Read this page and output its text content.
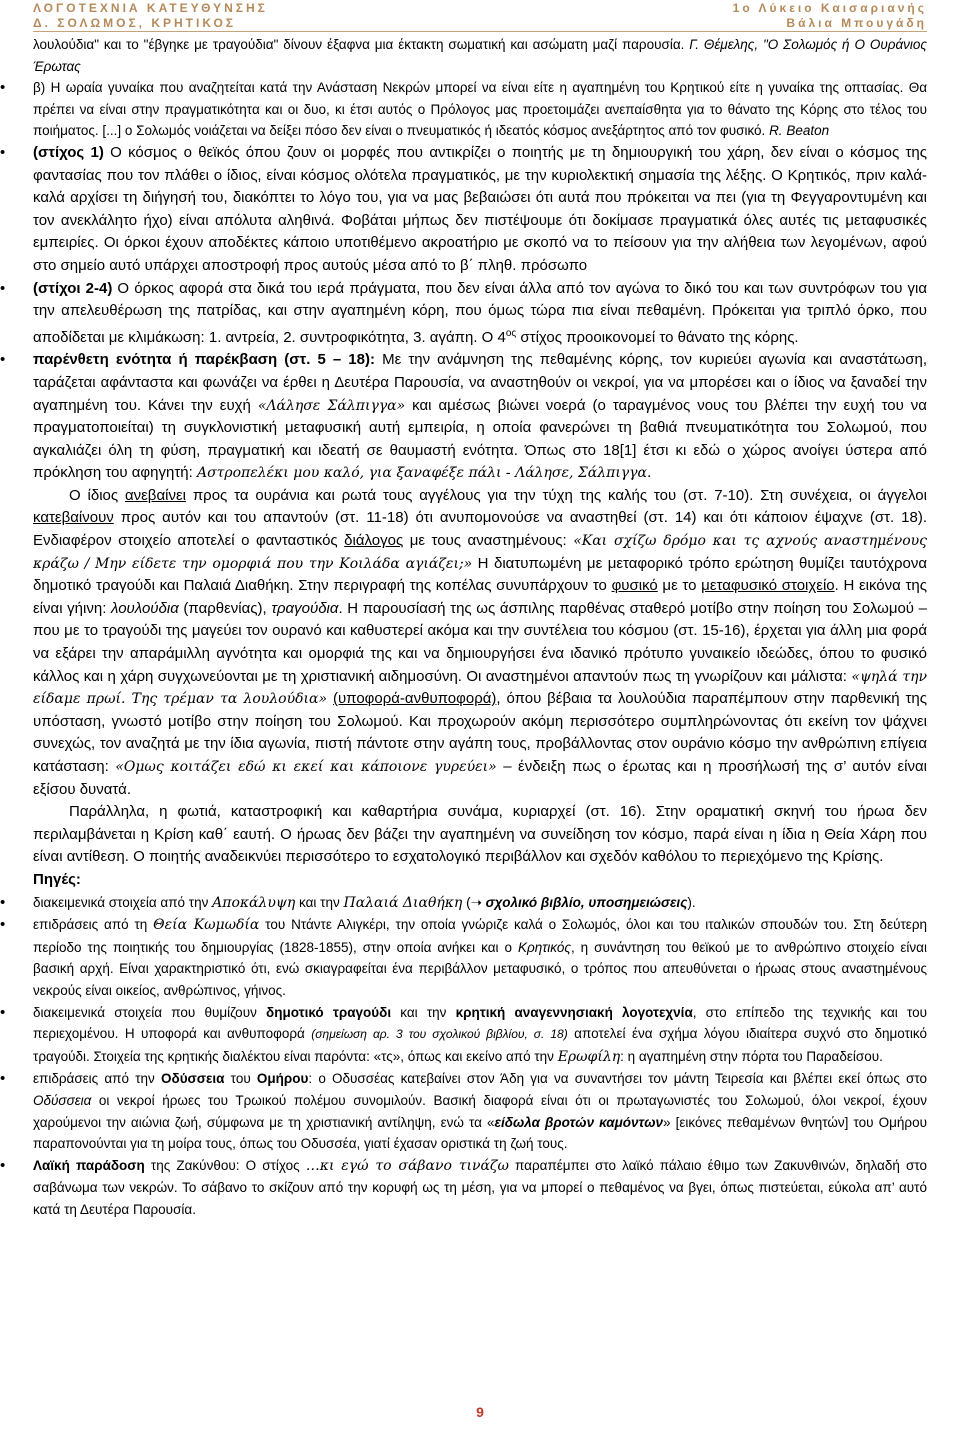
ΛΟΓΟΤΕΧΝΙΑ ΚΑΤΕΥΘΥΝΣΗΣ
Δ. ΣΟΛΩΜΟΣ, ΚΡΗΤΙΚΟΣ
1ο Λύκειο Καισαριανής
Βάλια Μπουγάδη

λουλούδια" και το "έβγηκε με τραγούδια" δίνουν έξαφνα μια έκτακτη σωματική και ασώματη μαζί παρουσία. Γ. Θέμελης, "Ο Σολωμός ή Ο Ουράνιος Έρωτας

• β) Η ωραία γυναίκα που αναζητείται κατά την Ανάσταση Νεκρών μπορεί να είναι είτε η αγαπημένη του Κρητικού είτε η γυναίκα της οπτασίας. Θα πρέπει να είναι στην πραγματικότητα και οι δυο, κι έτσι αυτός ο Πρόλογος μας προετοιμάζει ανεπαίσθητα για το θάνατο της Κόρης στο τέλος του ποιήματος. [...] ο Σολωμός νοιάζεται να δείξει πόσο δεν είναι ο πνευματικός ή ιδεατός κόσμος ανεξάρτητος από τον φυσικό. R. Beaton

• (στίχος 1) Ο κόσμος ο θεϊκός όπου ζουν οι μορφές που αντικρίζει ο ποιητής με τη δημιουργική του χάρη, δεν είναι ο κόσμος της φαντασίας που τον πλάθει ο ίδιος, είναι κόσμος ολότελα πραγματικός, με την κυριολεκτική σημασία της λέξης. Ο Κρητικός, πριν καλά-καλά αρχίσει τη διήγησή του, διακόπτει το λόγο του, για να μας βεβαιώσει ότι αυτά που πρόκειται να πει (για τη Φεγγαροντυμένη και τον ανεκλάλητο ήχο) είναι απόλυτα αληθινά. Φοβάται μήπως δεν πιστέψουμε ότι δοκίμασε πραγματικά όλες αυτές τις μεταφυσικές εμπειρίες. Οι όρκοι έχουν αποδέκτες κάποιο υποτιθέμενο ακροατήριο με σκοπό να το πείσουν για την αλήθεια των λεγομένων, αφού στο σημείο αυτό υπάρχει αποστροφή προς αυτούς μέσα από το β΄ πληθ. πρόσωπο

• (στίχοι 2-4) Ο όρκος αφορά στα δικά του ιερά πράγματα, που δεν είναι άλλα από τον αγώνα το δικό του και των συντρόφων του για την απελευθέρωση της πατρίδας, και στην αγαπημένη κόρη, που όμως τώρα πια είναι πεθαμένη. Πρόκειται για τριπλό όρκο, που αποδίδεται με κλιμάκωση: 1. αντρεία, 2. συντροφικότητα, 3. αγάπη. Ο $4^{o\varsigma}$ στίχος προοικονομεί το θάνατο της κόρης.

• παρένθετη ενότητα ή παρέκβαση (στ. 5 – 18): Με την ανάμνηση της πεθαμένης κόρης, τον κυριεύει αγωνία και αναστάτωση, ταράζεται αφάνταστα και φωνάζει να έρθει η Δευτέρα Παρουσία, να αναστηθούν οι νεκροί, για να μπορέσει και ο ίδιος να ξαναδεί την αγαπημένη του. Κάνει την ευχή «Λάλησε Σάλπιγγα» και αμέσως βιώνει νοερά (ο ταραγμένος νους του βλέπει την ευχή του να πραγματοποιείται) τη συγκλονιστική μεταφυσική αυτή εμπειρία, η οποία φανερώνει τη βαθιά πνευματικότητα του Σολωμού, που αγκαλιάζει όλη τη φύση, πραγματική και ιδεατή σε θαυμαστή ενότητα. Όπως στο 18[1] έτσι κι εδώ ο χώρος ανοίγει ύστερα από πρόκληση του αφηγητή: Αστροπελέκι μου καλό, για ξαναφέξε πάλι - Λάλησε, Σάλπιγγα.

Ο ίδιος ανεβαίνει προς τα ουράνια και ρωτά τους αγγέλους για την τύχη της καλής του (στ. 7-10). Στη συνέχεια, οι άγγελοι κατεβαίνουν προς αυτόν και του απαντούν (στ. 11-18) ότι ανυπομονούσε να αναστηθεί (στ. 14) και ότι κάποιον έψαχνε (στ. 18). Ενδιαφέρον στοιχείο αποτελεί ο φανταστικός διάλογος με τους αναστημένους: «Και σχίζω δρόμο και τς αχνούς αναστημένους κράζω / Μην είδετε την ομορφιά που την Κοιλάδα αγιάζει;» Η διατυπωμένη με μεταφορικό τρόπο ερώτηση θυμίζει ταυτόχρονα δημοτικό τραγούδι και Παλαιά Διαθήκη. Στην περιγραφή της κοπέλας συνυπάρχουν το φυσικό με το μεταφυσικό στοιχείο. Η εικόνα της είναι γήινη: λουλούδια (παρθενίας), τραγούδια. Η παρουσίασή της ως άσπιλης παρθένας σταθερό μοτίβο στην ποίηση του Σολωμού – που με το τραγούδι της μαγεύει τον ουρανό και καθυστερεί ακόμα και την συντέλεια του κόσμου (στ. 15-16), έρχεται για άλλη μια φορά να εξάρει την απαράμιλλη αγνότητα και ομορφιά της και να δημιουργήσει ένα ιδανικό πρότυπο γυναικείο ιδεώδες, όπου το φυσικό κάλλος και η χάρη συγχωνεύονται με τη χριστιανική αιδημοσύνη. Οι αναστημένοι απαντούν πως τη γνωρίζουν και μάλιστα: «ψηλά την είδαμε πρωί. Της τρέμαν τα λουλούδια» (υποφορά-ανθυποφορά), όπου βέβαια τα λουλούδια παραπέμπουν στην παρθενική της υπόσταση, γνωστό μοτίβο στην ποίηση του Σολωμού. Και προχωρούν ακόμη περισσότερο συμπληρώνοντας ότι εκείνη τον ψάχνει συνεχώς, τον αναζητά με την ίδια αγωνία, πιστή πάντοτε στην αγάπη τους, προβάλλοντας στον ουράνιο κόσμο την ανθρώπινη επίγεια κατάσταση: «Ομως κοιτάζει εδώ κι εκεί και κάποιονε γυρεύει» – ένδειξη πως ο έρωτας και η προσήλωσή της σ’ αυτόν είναι εξίσου δυνατά.

Παράλληλα, η φωτιά, καταστροφική και καθαρτήρια συνάμα, κυριαρχεί (στ. 16). Στην οραματική σκηνή του ήρωα δεν περιλαμβάνεται η Κρίση καθ΄ εαυτή. Ο ήρωας δεν βάζει την αγαπημένη να συνείδηση τον κόσμο, παρά είναι η ίδια η Θεία Χάρη που είναι αντίθεση. Ο ποιητής αναδεικνύει περισσότερο το εσχατολογικό περιβάλλον και σχεδόν καθόλου το περιεχόμενο της Κρίσης.

Πηγές:

• διακειμενικά στοιχεία από την Αποκάλυψη και την Παλαιά Διαθήκη (➝ σχολικό βιβλίο, υποσημειώσεις).

• επιδράσεις από τη Θεία Κωμωδία του Ντάντε Αλιγκέρι, την οποία γνώριζε καλά ο Σολωμός, όλοι και του ιταλικών σπουδών του. Στη δεύτερη περίοδο της ποιητικής του δημιουργίας (1828-1855), στην οποία ανήκει και ο Κρητικός, η συνάντηση του θεϊκού με το ανθρώπινο στοιχείο είναι βασική αρχή. Είναι χαρακτηριστικό ότι, ενώ σκιαγραφείται ένα περιβάλλον μεταφυσικό, ο τρόπος που απευθύνεται ο ήρωας στους αναστημένους νεκρούς είναι οικείος, ανθρώπινος, γήινος.

• διακειμενικά στοιχεία που θυμίζουν δημοτικό τραγούδι και την κρητική αναγεννησιακή λογοτεχνία, στο επίπεδο της τεχνικής και του περιεχομένου. Η υποφορά και ανθυποφορά (σημείωση αρ. 3 του σχολικού βιβλίου, σ. 18) αποτελεί ένα σχήμα λόγου ιδιαίτερα συχνό στο δημοτικό τραγούδι. Στοιχεία της κρητικής διαλέκτου είναι παρόντα: «τς», όπως και εκείνο από την Ερωφίλη: η αγαπημένη στην πόρτα του Παραδείσου.

• επιδράσεις από την Οδύσσεια του Ομήρου: ο Οδυσσέας κατεβαίνει στον Άδη για να συναντήσει τον μάντη Τειρεσία και βλέπει εκεί όπως στο Οδύσσεια οι νεκροί ήρωες του Τρωικού πολέμου συνομιλούν. Βασική διαφορά είναι ότι οι πρωταγωνιστές του Σολωμού, όλοι νεκροί, έχουν χαρούμενοι την αιώνια ζωή, σύμφωνα με τη χριστιανική αντίληψη, ενώ τα «είδωλα βροτών καμόντων» [εικόνες πεθαμένων θνητών] του Ομήρου παραπονούνται για τη μοίρα τους, όπως του Οδυσσέα, γιατί έχασαν οριστικά τη ζωή τους.

• Λαϊκή παράδοση της Ζακύνθου: Ο στίχος …κι εγώ το σάβανο τινάζω παραπέμπει στο λαϊκό πάλαιο έθιμο των Ζακυνθινών, δηλαδή στο σαβάνωμα των νεκρών. Το σάβανο το σκίζουν από την κορυφή ως τη μέση, για να μπορεί ο πεθαμένος να βγει, όπως πιστεύεται, εύκολα απ’ αυτό κατά τη Δευτέρα Παρουσία.

9
